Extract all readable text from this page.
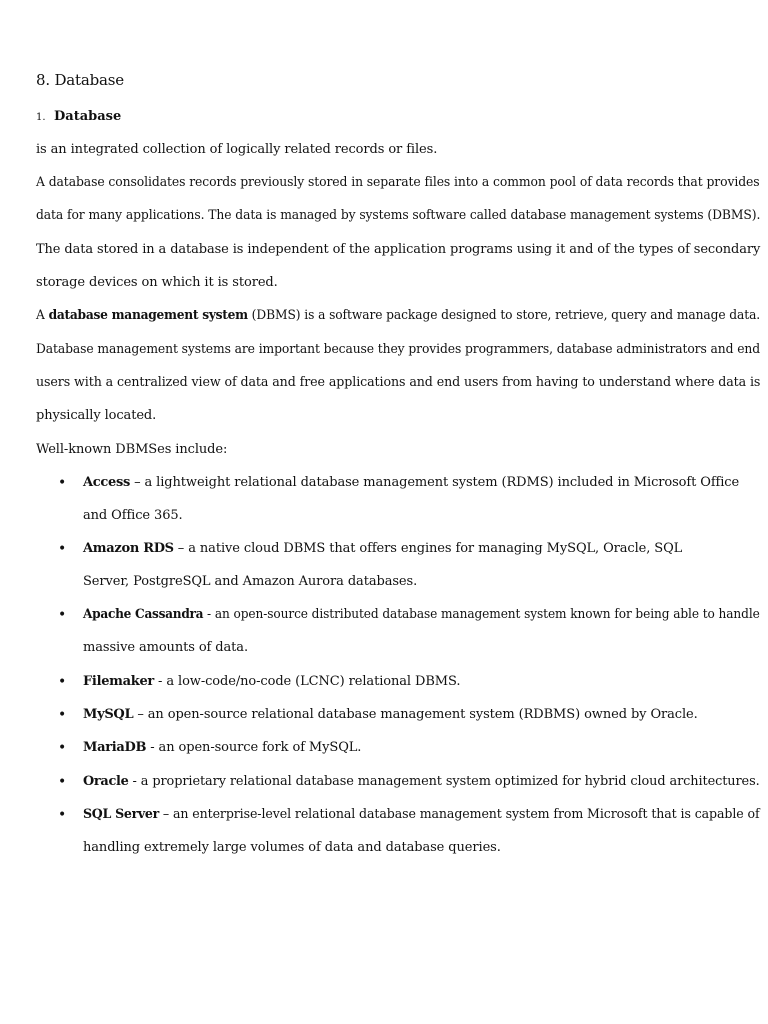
8. Database
1. Database
is an integrated collection of logically related records or files.
A database consolidates records previously stored in separate files into a common pool of data records that provides
data for many applications. The data is managed by systems software called database management systems (DBMS).
The data stored in a database is independent of the application programs using it and of the types of secondary
storage devices on which it is stored.
A database management system (DBMS) is a software package designed to store, retrieve, query and manage data.
Database management systems are important because they provides programmers, database administrators and end
users with a centralized view of data and free applications and end users from having to understand where data is
physically located.
Well-known DBMSes include:
• Access – a lightweight relational database management system (RDMS) included in Microsoft Office
and Office 365.
• Amazon RDS – a native cloud DBMS that offers engines for managing MySQL, Oracle, SQL
Server, PostgreSQL and Amazon Aurora databases.
• Apache Cassandra - an open-source distributed database management system known for being able to handle
massive amounts of data.
• Filemaker - a low-code/no-code (LCNC) relational DBMS.
• MySQL – an open-source relational database management system (RDBMS) owned by Oracle.
• MariaDB - an open-source fork of MySQL.
• Oracle - a proprietary relational database management system optimized for hybrid cloud architectures.
• SQL Server – an enterprise-level relational database management system from Microsoft that is capable of
handling extremely large volumes of data and database queries.
